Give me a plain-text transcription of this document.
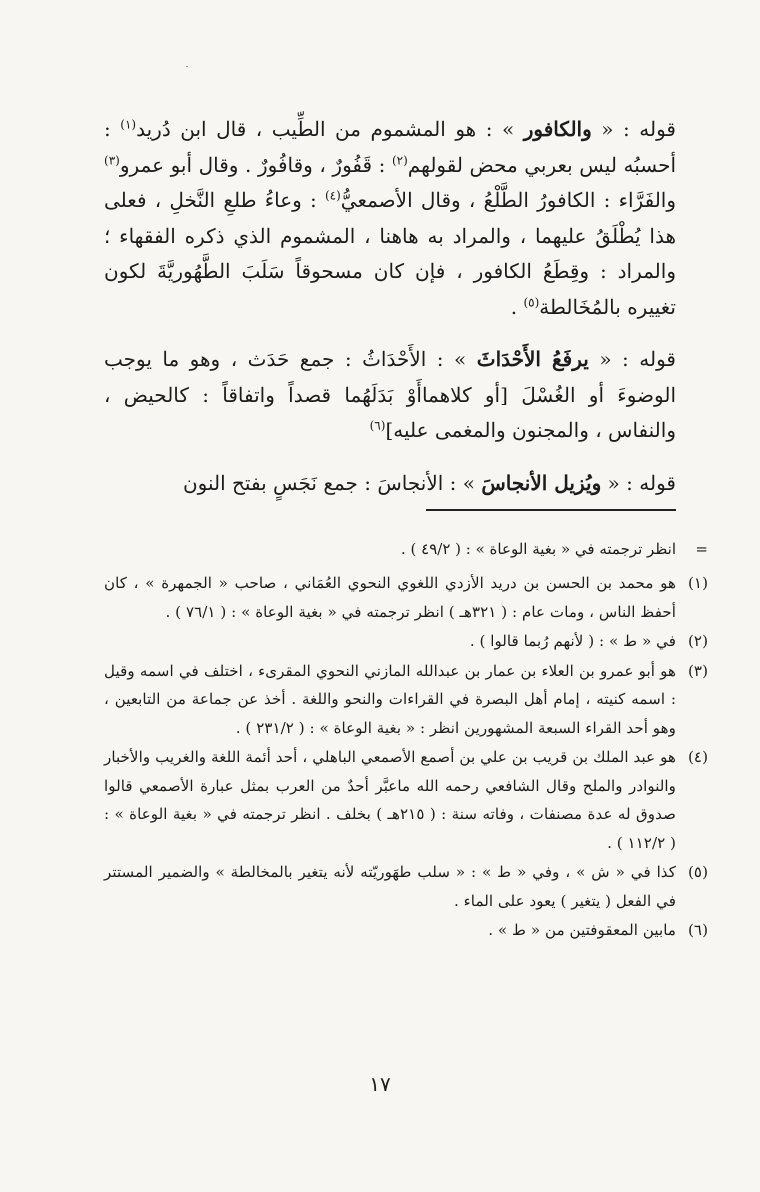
قوله : « والكافور » : هو المشموم من الطِّيب ، قال ابن دُريد$^{(١)}$ : أحسبُه ليس بعربي محض لقولهم$^{(٢)}$ : قَفُورٌ ، وقافُورٌ . وقال أبو عمرو$^{(٣)}$ والفَرَّاء : الكافورُ الطَّلْعُ ، وقال الأصمعيُّ$^{(٤)}$ : وعاءُ طلعِ النَّخلِ ، فعلى هذا يُطْلَقُ عليهما ، والمراد به هاهنا ، المشموم الذي ذكره الفقهاء ؛ والمراد : وقِطَعُ الكافور ، فإن كان مسحوقاً سَلَبَ الطَّهُوريَّةَ لكون تغييره بالمُخَالطة$^{(٥)}$ .

قوله : « يرفَعُ الأَحْدَاثَ » : الأَحْدَاثُ : جمع حَدَث ، وهو ما يوجب الوضوءَ أو الغُسْلَ [أو كلاهماأَوْ بَدَلَهُما قصداً واتفاقاً : كالحيض ، والنفاس ، والمجنون والمغمى عليه]$^{(٦)}$

قوله : « ويُزيل الأنجاسَ » : الأنجاسَ : جمع نَجَسٍ بفتح النون

=
انظر ترجمته في « بغية الوعاة » : ( ٤٩/٢ ) .
(١)
هو محمد بن الحسن بن دريد الأزدي اللغوي النحوي العُمَاني ، صاحب « الجمهرة » ، كان أحفظ الناس ، ومات عام : ( ٣٢١هـ ) انظر ترجمته في « بغية الوعاة » : ( ٧٦/١ ) .
(٢)
في « ط » : ( لأنهم رُبما قالوا ) .
(٣)
هو أبو عمرو بن العلاء بن عمار بن عبدالله المازني النحوي المقرىء ، اختلف في اسمه وقيل : اسمه كنيته ، إمام أهل البصرة في القراءات والنحو واللغة . أخذ عن جماعة من التابعين ، وهو أحد القراء السبعة المشهورين انظر : « بغية الوعاة » : ( ٢٣١/٢ ) .
(٤)
هو عبد الملك بن قريب بن علي بن أصمع الأصمعي الباهلي ، أحد أئمة اللغة والغريب والأخبار والنوادر والملح وقال الشافعي رحمه الله ماعبَّر أحدٌ من العرب بمثل عبارة الأصمعي قالوا صدوق له عدة مصنفات ، وفاته سنة : ( ٢١٥هـ ) بخلف . انظر ترجمته في « بغية الوعاة » : ( ١١٢/٢ ) .
(٥)
كذا في « ش » ، وفي « ط » : « سلب طهَوريّته لأنه يتغير بالمخالطة » والضمير المستتر في الفعل ( يتغير ) يعود على الماء .
(٦)
مابين المعقوفتين من « ط » .
١٧
